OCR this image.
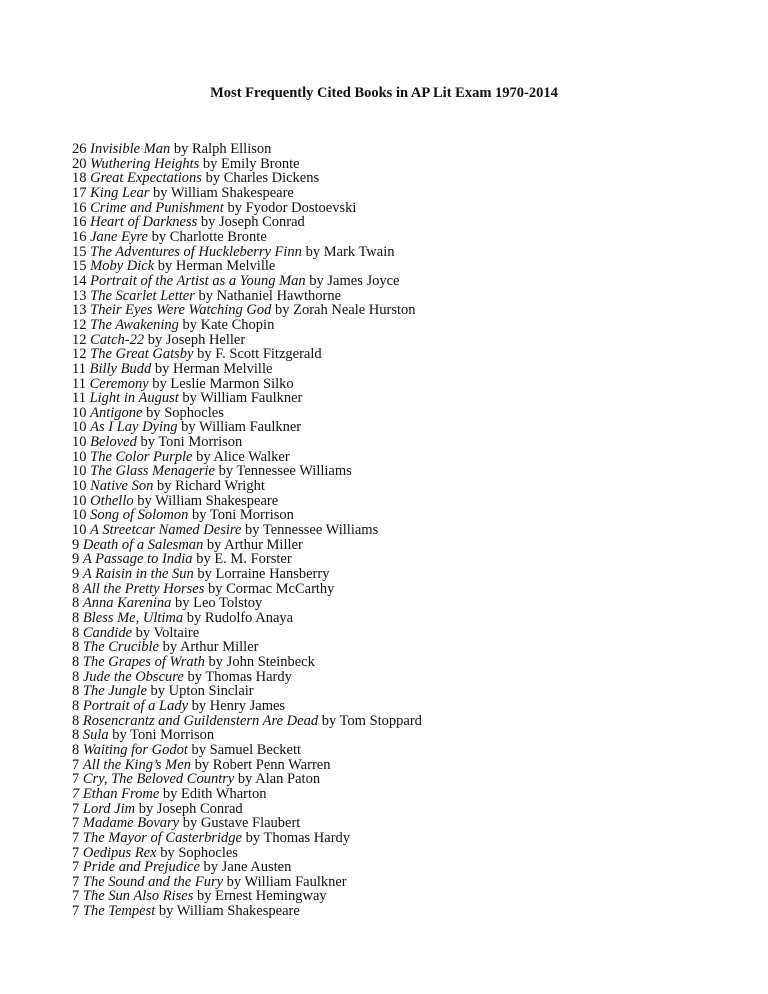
Most Frequently Cited Books in AP Lit Exam 1970-2014
26 Invisible Man by Ralph Ellison
20 Wuthering Heights by Emily Bronte
18 Great Expectations by Charles Dickens
17 King Lear by William Shakespeare
16 Crime and Punishment by Fyodor Dostoevski
16 Heart of Darkness by Joseph Conrad
16 Jane Eyre by Charlotte Bronte
15 The Adventures of Huckleberry Finn by Mark Twain
15 Moby Dick by Herman Melville
14 Portrait of the Artist as a Young Man by James Joyce
13 The Scarlet Letter by Nathaniel Hawthorne
13 Their Eyes Were Watching God by Zorah Neale Hurston
12 The Awakening by Kate Chopin
12 Catch-22 by Joseph Heller
12 The Great Gatsby by F. Scott Fitzgerald
11 Billy Budd by Herman Melville
11 Ceremony by Leslie Marmon Silko
11 Light in August by William Faulkner
10 Antigone by Sophocles
10 As I Lay Dying by William Faulkner
10 Beloved by Toni Morrison
10 The Color Purple by Alice Walker
10 The Glass Menagerie by Tennessee Williams
10 Native Son by Richard Wright
10 Othello by William Shakespeare
10 Song of Solomon by Toni Morrison
10 A Streetcar Named Desire by Tennessee Williams
9 Death of a Salesman by Arthur Miller
9 A Passage to India by E. M. Forster
9 A Raisin in the Sun by Lorraine Hansberry
8 All the Pretty Horses by Cormac McCarthy
8 Anna Karenina by Leo Tolstoy
8 Bless Me, Ultima by Rudolfo Anaya
8 Candide by Voltaire
8 The Crucible by Arthur Miller
8 The Grapes of Wrath by John Steinbeck
8 Jude the Obscure by Thomas Hardy
8 The Jungle by Upton Sinclair
8 Portrait of a Lady by Henry James
8 Rosencrantz and Guildenstern Are Dead by Tom Stoppard
8 Sula by Toni Morrison
8 Waiting for Godot by Samuel Beckett
7 All the King’s Men by Robert Penn Warren
7 Cry, The Beloved Country by Alan Paton
7 Ethan Frome by Edith Wharton
7 Lord Jim by Joseph Conrad
7 Madame Bovary by Gustave Flaubert
7 The Mayor of Casterbridge by Thomas Hardy
7 Oedipus Rex by Sophocles
7 Pride and Prejudice by Jane Austen
7 The Sound and the Fury by William Faulkner
7 The Sun Also Rises by Ernest Hemingway
7 The Tempest by William Shakespeare
